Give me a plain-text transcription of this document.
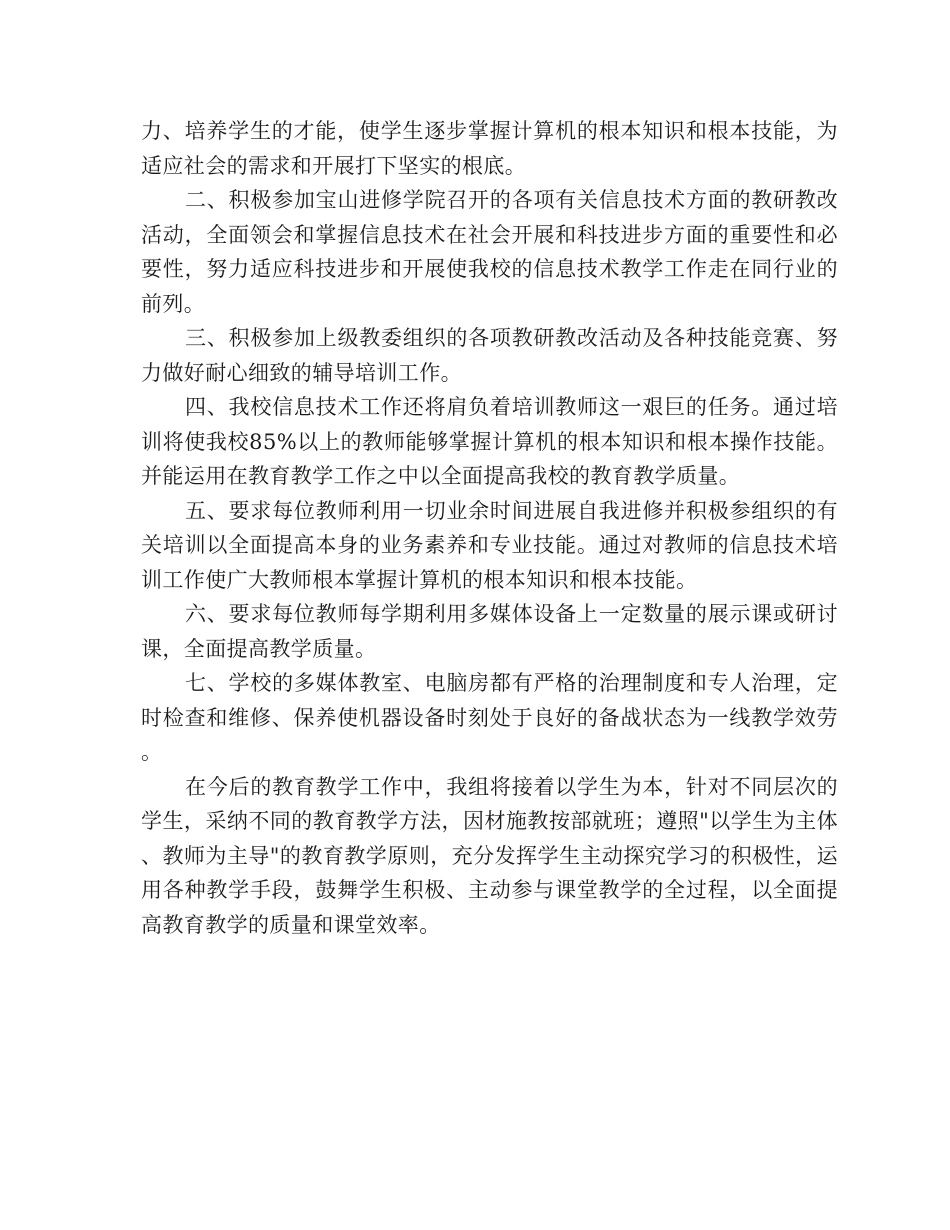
力、培养学生的才能，使学生逐步掌握计算机的根本知识和根本技能，为适应社会的需求和开展打下坚实的根底。

二、积极参加宝山进修学院召开的各项有关信息技术方面的教研教改活动，全面领会和掌握信息技术在社会开展和科技进步方面的重要性和必要性，努力适应科技进步和开展使我校的信息技术教学工作走在同行业的前列。

三、积极参加上级教委组织的各项教研教改活动及各种技能竞赛、努力做好耐心细致的辅导培训工作。

四、我校信息技术工作还将肩负着培训教师这一艰巨的任务。通过培训将使我校85%以上的教师能够掌握计算机的根本知识和根本操作技能。并能运用在教育教学工作之中以全面提高我校的教育教学质量。

五、要求每位教师利用一切业余时间进展自我进修并积极参组织的有关培训以全面提高本身的业务素养和专业技能。通过对教师的信息技术培训工作使广大教师根本掌握计算机的根本知识和根本技能。

六、要求每位教师每学期利用多媒体设备上一定数量的展示课或研讨课，全面提高教学质量。

七、学校的多媒体教室、电脑房都有严格的治理制度和专人治理，定时检查和维修、保养使机器设备时刻处于良好的备战状态为一线教学效劳。

在今后的教育教学工作中，我组将接着以学生为本，针对不同层次的学生，采纳不同的教育教学方法，因材施教按部就班；遵照"以学生为主体、教师为主导"的教育教学原则，充分发挥学生主动探究学习的积极性，运用各种教学手段，鼓舞学生积极、主动参与课堂教学的全过程，以全面提高教育教学的质量和课堂效率。
